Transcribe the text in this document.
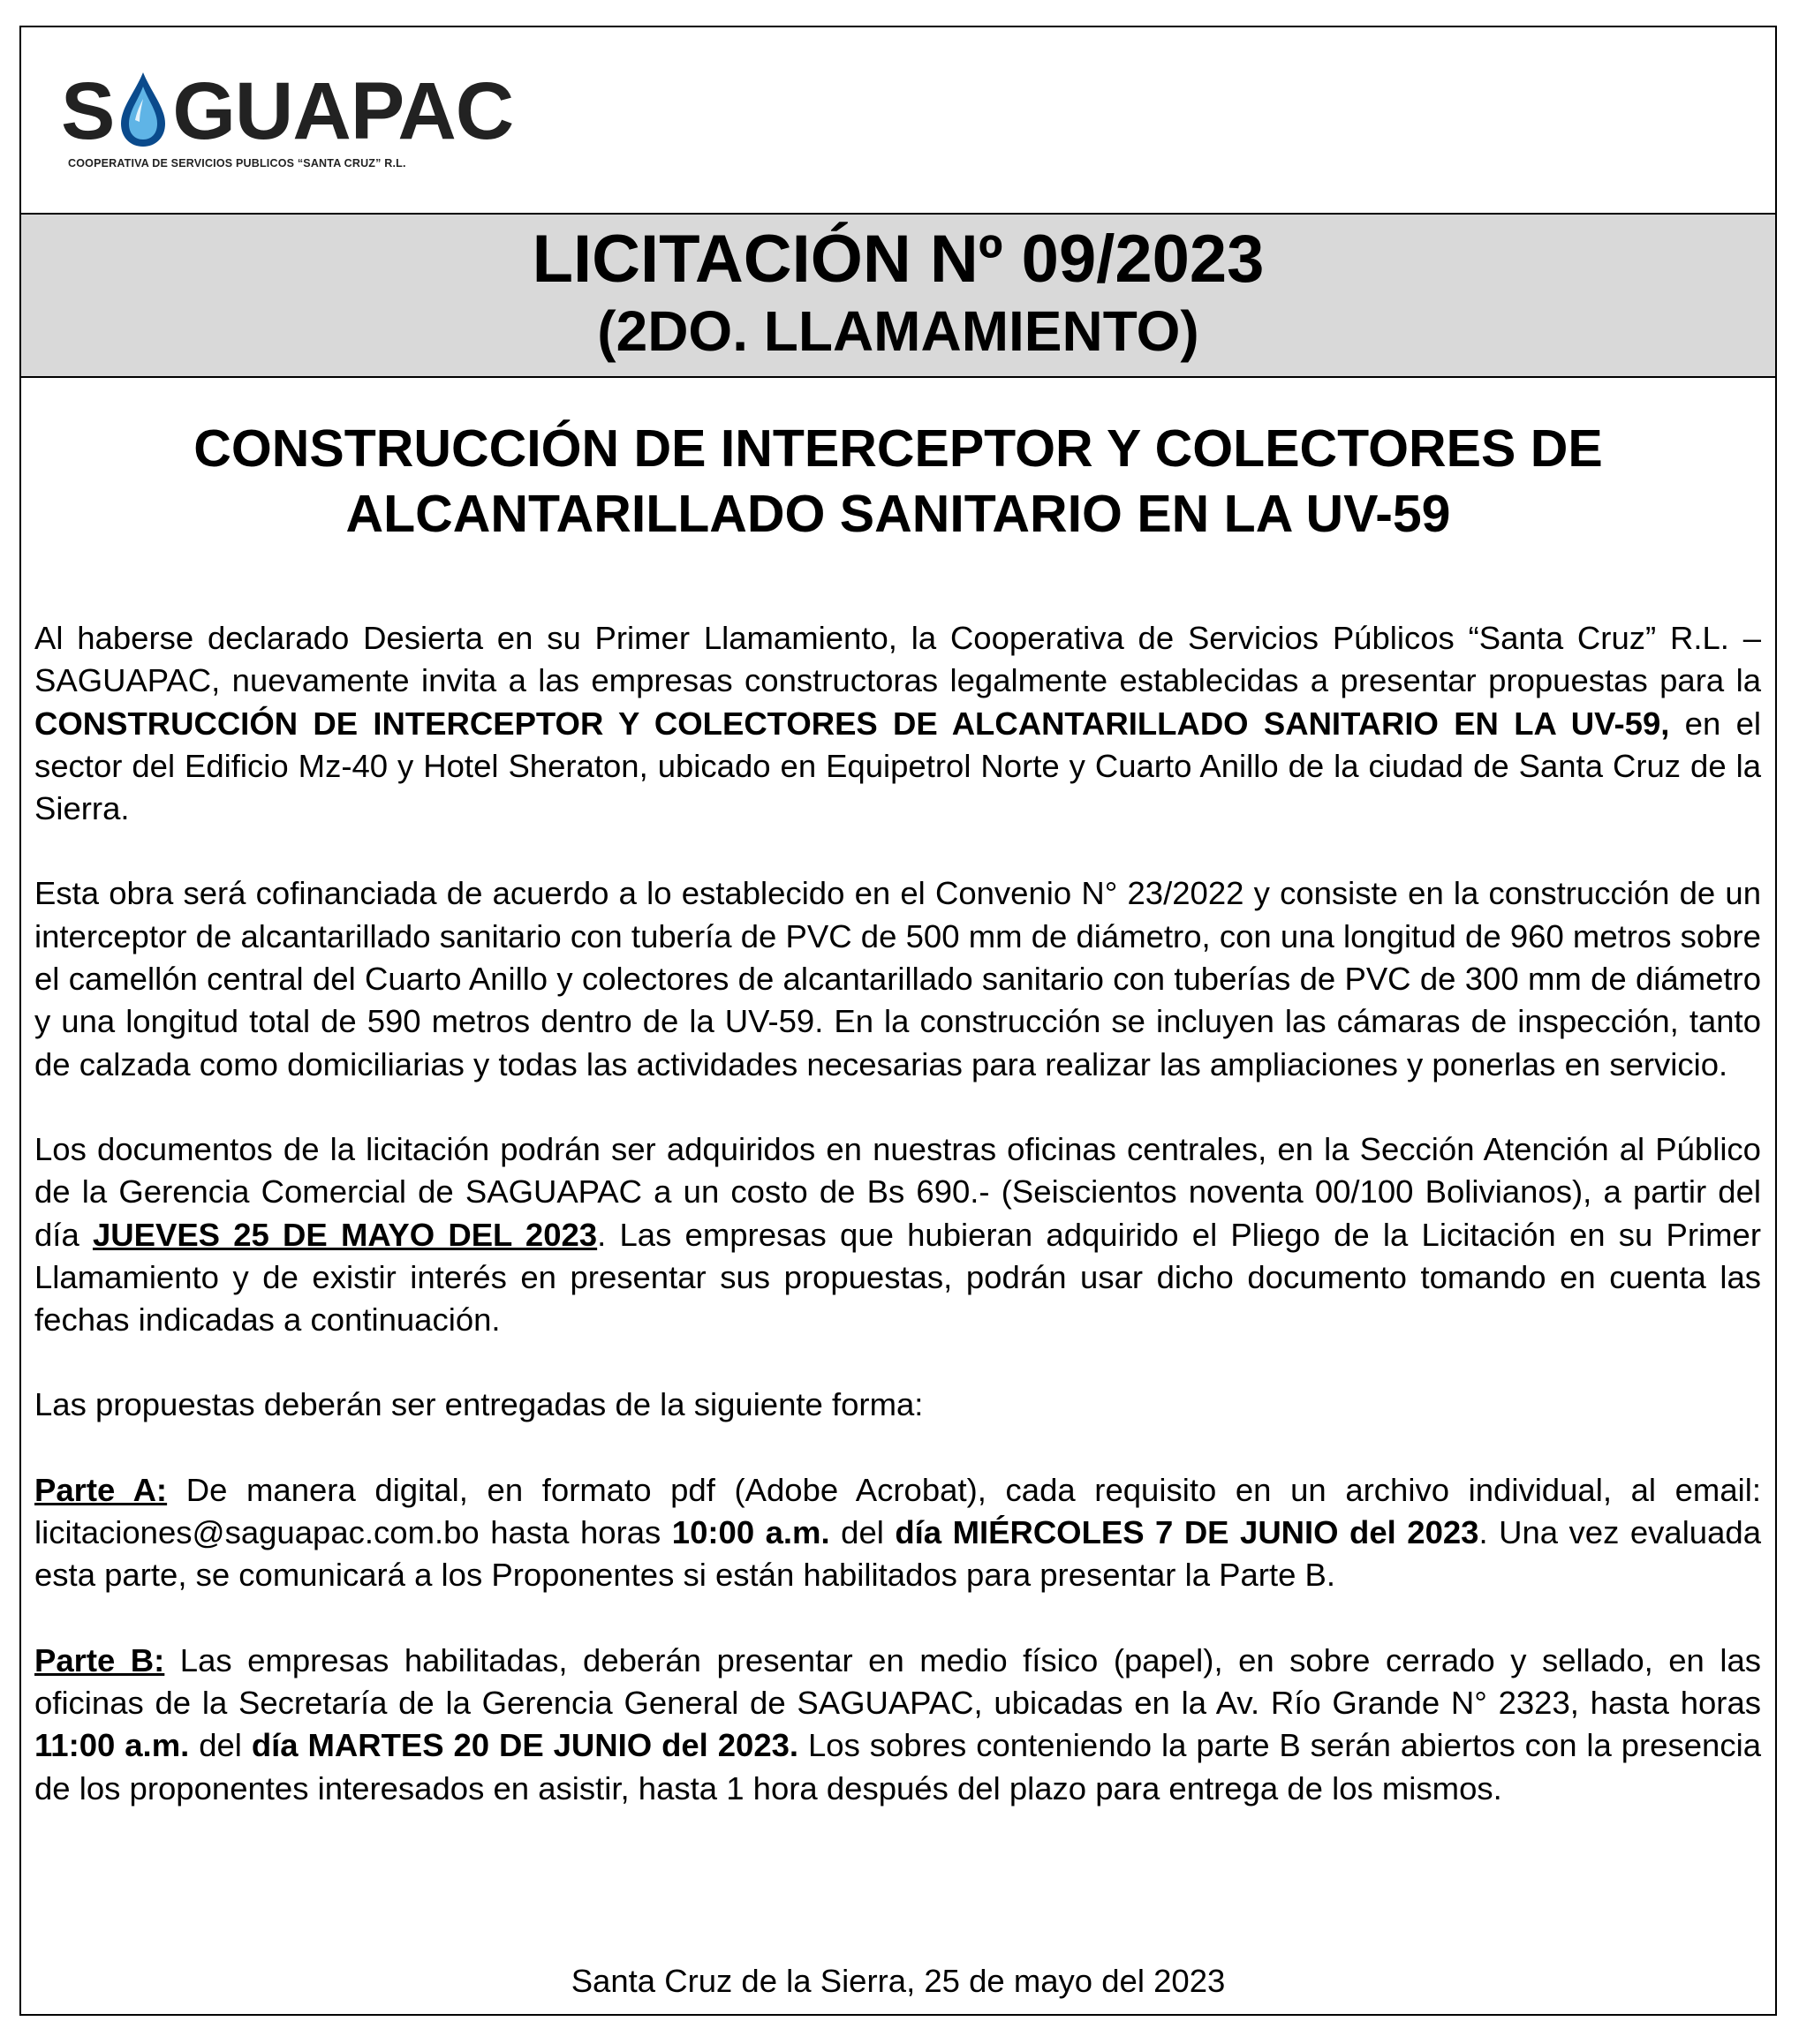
S GUAPAC
COOPERATIVA DE SERVICIOS PUBLICOS “SANTA CRUZ” R.L.
LICITACIÓN Nº 09/2023
(2DO. LLAMAMIENTO)
CONSTRUCCIÓN DE INTERCEPTOR Y COLECTORES DE
ALCANTARILLADO SANITARIO EN LA UV-59

Al haberse declarado Desierta en su Primer Llamamiento, la Cooperativa de Servicios Públicos “Santa Cruz” R.L. – SAGUAPAC, nuevamente invita a las empresas constructoras legalmente establecidas a presentar propuestas para la CONSTRUCCIÓN DE INTERCEPTOR Y COLECTORES DE ALCANTARILLADO SANITARIO EN LA UV-59, en el sector del Edificio Mz-40 y Hotel Sheraton, ubicado en Equipetrol Norte y Cuarto Anillo de la ciudad de Santa Cruz de la Sierra.

Esta obra será cofinanciada de acuerdo a lo establecido en el Convenio N° 23/2022 y consiste en la construcción de un interceptor de alcantarillado sanitario con tubería de PVC de 500 mm de diámetro, con una longitud de 960 metros sobre el camellón central del Cuarto Anillo y colectores de alcantarillado sanitario con tuberías de PVC de 300 mm de diámetro y una longitud total de 590 metros dentro de la UV-59. En la construcción se incluyen las cámaras de inspección, tanto de calzada como domiciliarias y todas las actividades necesarias para realizar las ampliaciones y ponerlas en servicio.

Los documentos de la licitación podrán ser adquiridos en nuestras oficinas centrales, en la Sección Atención al Público de la Gerencia Comercial de SAGUAPAC a un costo de Bs 690.- (Seiscientos noventa 00/100 Bolivianos), a partir del día JUEVES 25 DE MAYO DEL 2023. Las empresas que hubieran adquirido el Pliego de la Licitación en su Primer Llamamiento y de existir interés en presentar sus propuestas, podrán usar dicho documento tomando en cuenta las fechas indicadas a continuación.

Las propuestas deberán ser entregadas de la siguiente forma:

Parte A: De manera digital, en formato pdf (Adobe Acrobat), cada requisito en un archivo individual, al email: licitaciones@saguapac.com.bo hasta horas 10:00 a.m. del día MIÉRCOLES 7 DE JUNIO del 2023. Una vez evaluada esta parte, se comunicará a los Proponentes si están habilitados para presentar la Parte B.

Parte B: Las empresas habilitadas, deberán presentar en medio físico (papel), en sobre cerrado y sellado, en las oficinas de la Secretaría de la Gerencia General de SAGUAPAC, ubicadas en la Av. Río Grande N° 2323, hasta horas 11:00 a.m. del día MARTES 20 DE JUNIO del 2023. Los sobres conteniendo la parte B serán abiertos con la presencia de los proponentes interesados en asistir, hasta 1 hora después del plazo para entrega de los mismos.

Santa Cruz de la Sierra, 25 de mayo del 2023
